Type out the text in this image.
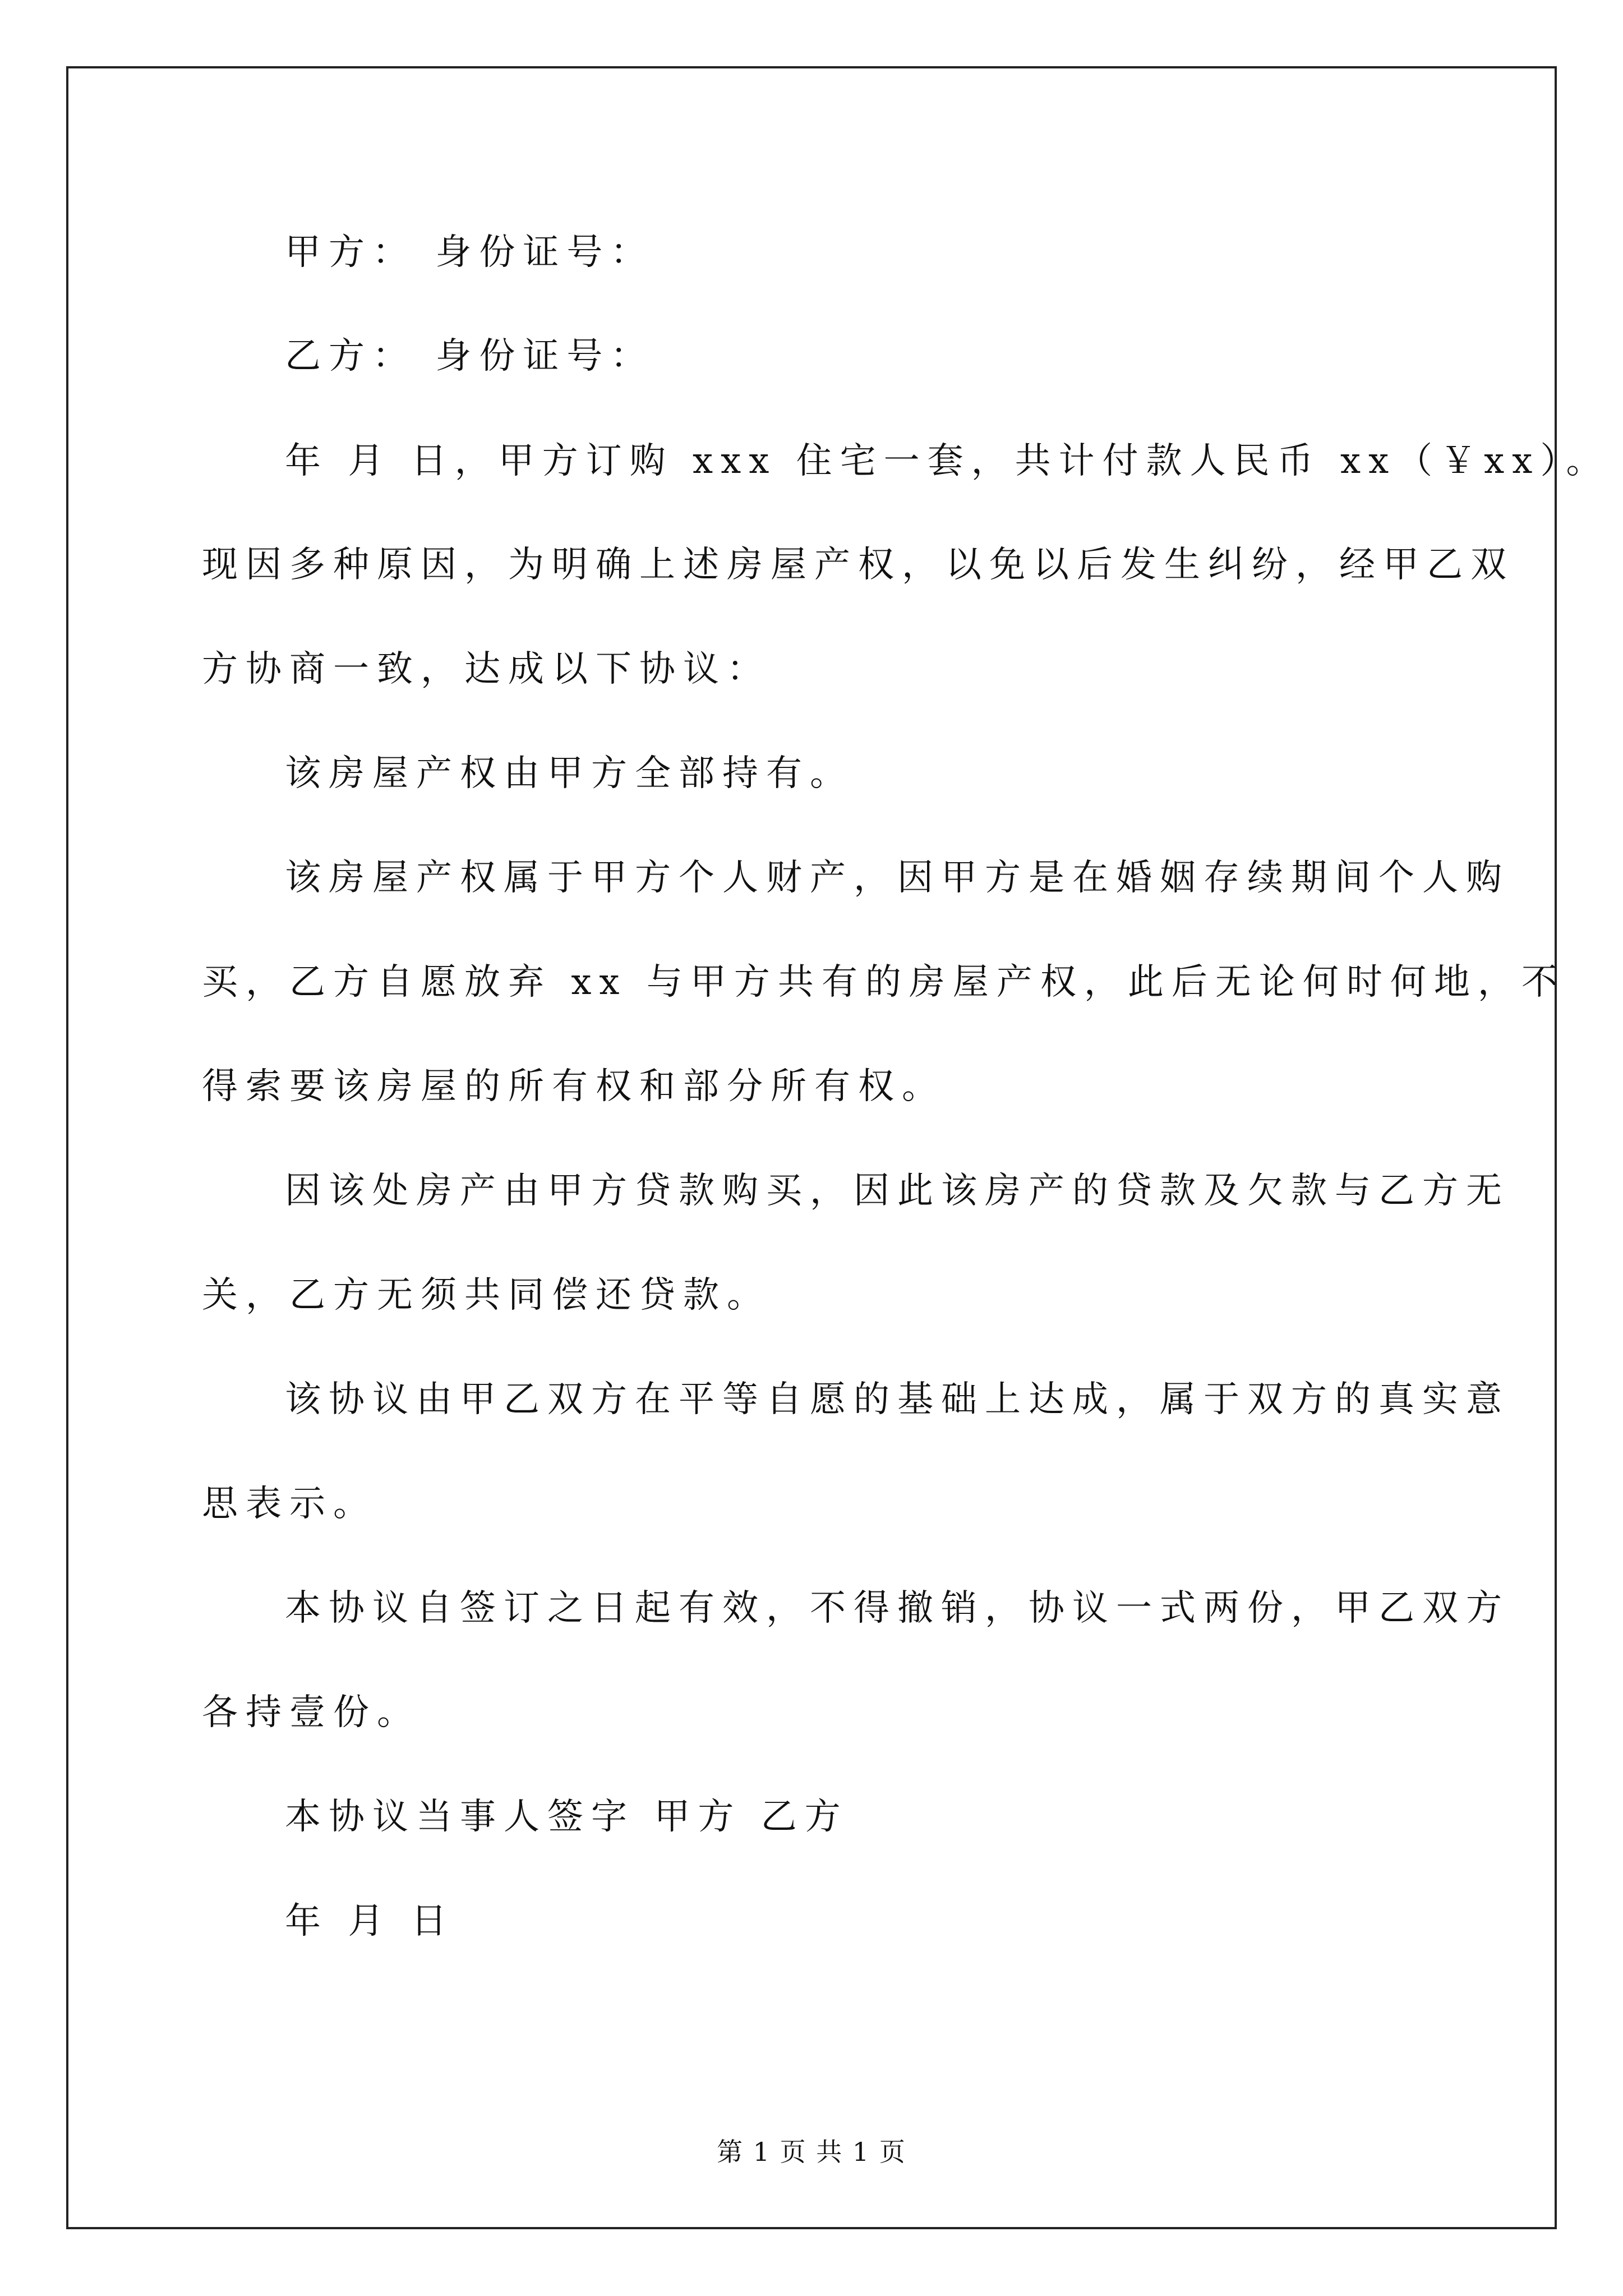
甲方： 身份证号：
乙方： 身份证号：
年 月 日，甲方订购 xxx 住宅一套，共计付款人民币 xx（￥xx）。
现因多种原因，为明确上述房屋产权，以免以后发生纠纷，经甲乙双
方协商一致，达成以下协议：
该房屋产权由甲方全部持有。
该房屋产权属于甲方个人财产，因甲方是在婚姻存续期间个人购
买，乙方自愿放弃 xx 与甲方共有的房屋产权，此后无论何时何地，不
得索要该房屋的所有权和部分所有权。
因该处房产由甲方贷款购买，因此该房产的贷款及欠款与乙方无
关，乙方无须共同偿还贷款。
该协议由甲乙双方在平等自愿的基础上达成，属于双方的真实意
思表示。
本协议自签订之日起有效，不得撤销，协议一式两份，甲乙双方
各持壹份。
本协议当事人签字 甲方 乙方
年 月 日
第 1 页 共 1 页
